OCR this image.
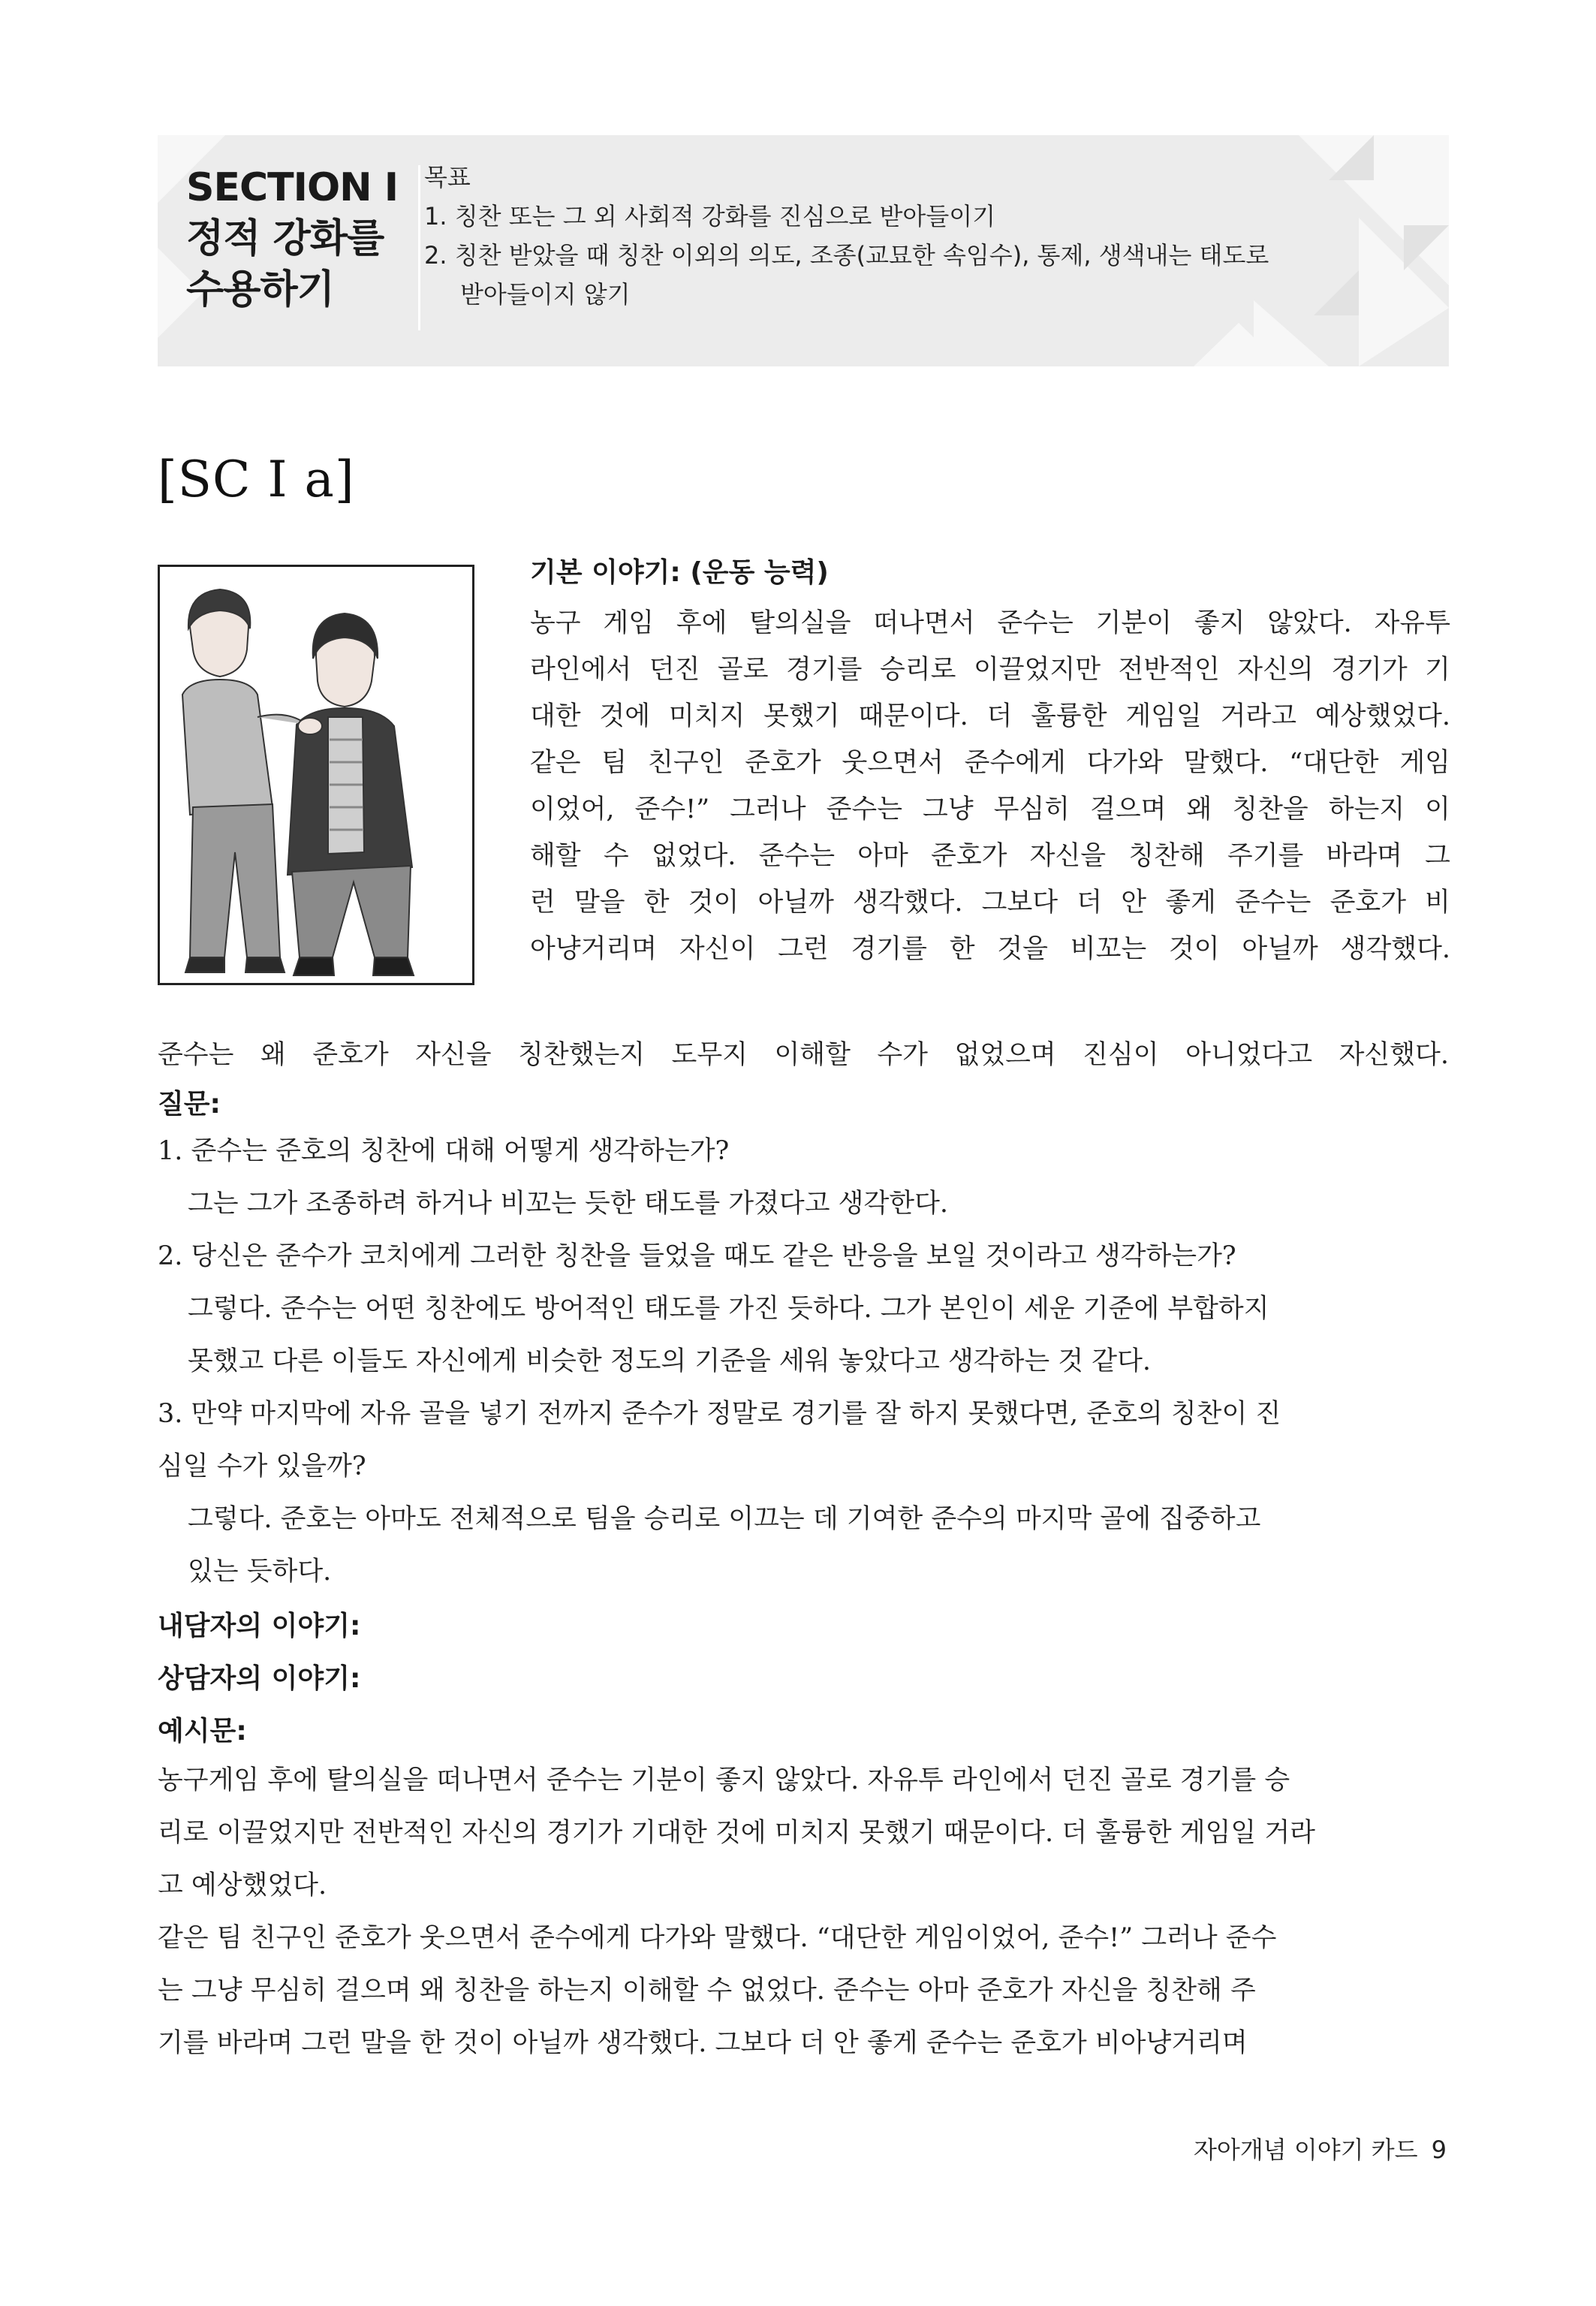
SECTION I
정적 강화를
수용하기
목표
1. 칭찬 또는 그 외 사회적 강화를 진심으로 받아들이기
2. 칭찬 받았을 때 칭찬 이외의 의도, 조종(교묘한 속임수), 통제, 생색내는 태도로
받아들이지 않기
[SC I a]
기본 이야기: (운동 능력)
농구 게임 후에 탈의실을 떠나면서 준수는 기분이 좋지 않았다. 자유투
라인에서 던진 골로 경기를 승리로 이끌었지만 전반적인 자신의 경기가 기
대한 것에 미치지 못했기 때문이다. 더 훌륭한 게임일 거라고 예상했었다.
같은 팀 친구인 준호가 웃으면서 준수에게 다가와 말했다. “대단한 게임
이었어, 준수!” 그러나 준수는 그냥 무심히 걸으며 왜 칭찬을 하는지 이
해할 수 없었다. 준수는 아마 준호가 자신을 칭찬해 주기를 바라며 그
런 말을 한 것이 아닐까 생각했다. 그보다 더 안 좋게 준수는 준호가 비
아냥거리며 자신이 그런 경기를 한 것을 비꼬는 것이 아닐까 생각했다.
준수는 왜 준호가 자신을 칭찬했는지 도무지 이해할 수가 없었으며 진심이 아니었다고 자신했다.
질문:
1. 준수는 준호의 칭찬에 대해 어떻게 생각하는가?
그는 그가 조종하려 하거나 비꼬는 듯한 태도를 가졌다고 생각한다.
2. 당신은 준수가 코치에게 그러한 칭찬을 들었을 때도 같은 반응을 보일 것이라고 생각하는가?
그렇다. 준수는 어떤 칭찬에도 방어적인 태도를 가진 듯하다. 그가 본인이 세운 기준에 부합하지
못했고 다른 이들도 자신에게 비슷한 정도의 기준을 세워 놓았다고 생각하는 것 같다.
3. 만약 마지막에 자유 골을 넣기 전까지 준수가 정말로 경기를 잘 하지 못했다면, 준호의 칭찬이 진
심일 수가 있을까?
그렇다. 준호는 아마도 전체적으로 팀을 승리로 이끄는 데 기여한 준수의 마지막 골에 집중하고
있는 듯하다.
내담자의 이야기:
상담자의 이야기:
예시문:
농구게임 후에 탈의실을 떠나면서 준수는 기분이 좋지 않았다. 자유투 라인에서 던진 골로 경기를 승
리로 이끌었지만 전반적인 자신의 경기가 기대한 것에 미치지 못했기 때문이다. 더 훌륭한 게임일 거라
고 예상했었다.
같은 팀 친구인 준호가 웃으면서 준수에게 다가와 말했다. “대단한 게임이었어, 준수!” 그러나 준수
는 그냥 무심히 걸으며 왜 칭찬을 하는지 이해할 수 없었다. 준수는 아마 준호가 자신을 칭찬해 주
기를 바라며 그런 말을 한 것이 아닐까 생각했다. 그보다 더 안 좋게 준수는 준호가 비아냥거리며
자아개념 이야기 카드 9
